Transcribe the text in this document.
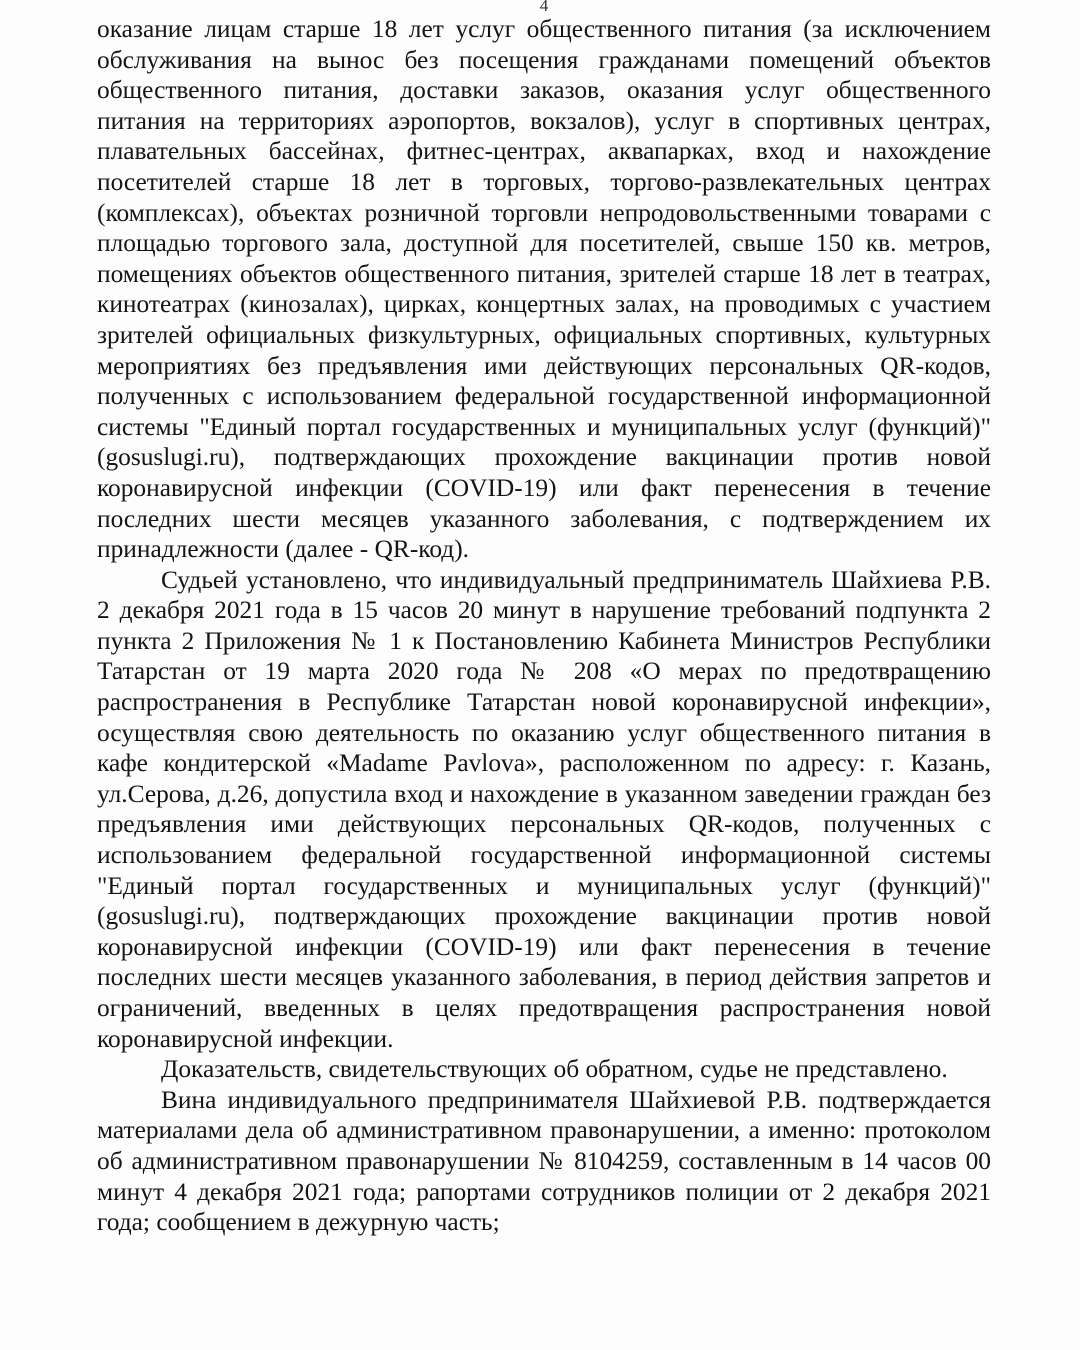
4

оказание лицам старше 18 лет услуг общественного питания (за исключением обслуживания на вынос без посещения гражданами помещений объектов общественного питания, доставки заказов, оказания услуг общественного питания на территориях аэропортов, вокзалов), услуг в спортивных центрах, плавательных бассейнах, фитнес-центрах, аквапарках, вход и нахождение посетителей старше 18 лет в торговых, торгово-развлекательных центрах (комплексах), объектах розничной торговли непродовольственными товарами с площадью торгового зала, доступной для посетителей, свыше 150 кв. метров, помещениях объектов общественного питания, зрителей старше 18 лет в театрах, кинотеатрах (кинозалах), цирках, концертных залах, на проводимых с участием зрителей официальных физкультурных, официальных спортивных, культурных мероприятиях без предъявления ими действующих персональных QR-кодов, полученных с использованием федеральной государственной информационной системы "Единый портал государственных и муниципальных услуг (функций)" (gosuslugi.ru), подтверждающих прохождение вакцинации против новой коронавирусной инфекции (COVID-19) или факт перенесения в течение последних шести месяцев указанного заболевания, с подтверждением их принадлежности (далее - QR-код).

Судьей установлено, что индивидуальный предприниматель Шайхиева Р.В. 2 декабря 2021 года в 15 часов 20 минут в нарушение требований подпункта 2 пункта 2 Приложения № 1 к Постановлению Кабинета Министров Республики Татарстан от 19 марта 2020 года № 208 «О мерах по предотвращению распространения в Республике Татарстан новой коронавирусной инфекции», осуществляя свою деятельность по оказанию услуг общественного питания в кафе кондитерской «Madame Pavlova», расположенном по адресу: г. Казань, ул.Серова, д.26, допустила вход и нахождение в указанном заведении граждан без предъявления ими действующих персональных QR-кодов, полученных с использованием федеральной государственной информационной системы "Единый портал государственных и муниципальных услуг (функций)" (gosuslugi.ru), подтверждающих прохождение вакцинации против новой коронавирусной инфекции (COVID-19) или факт перенесения в течение последних шести месяцев указанного заболевания, в период действия запретов и ограничений, введенных в целях предотвращения распространения новой коронавирусной инфекции.

Доказательств, свидетельствующих об обратном, судье не представлено.

Вина индивидуального предпринимателя Шайхиевой Р.В. подтверждается материалами дела об административном правонарушении, а именно: протоколом об административном правонарушении № 8104259, составленным в 14 часов 00 минут 4 декабря 2021 года; рапортами сотрудников полиции от 2 декабря 2021 года; сообщением в дежурную часть;
